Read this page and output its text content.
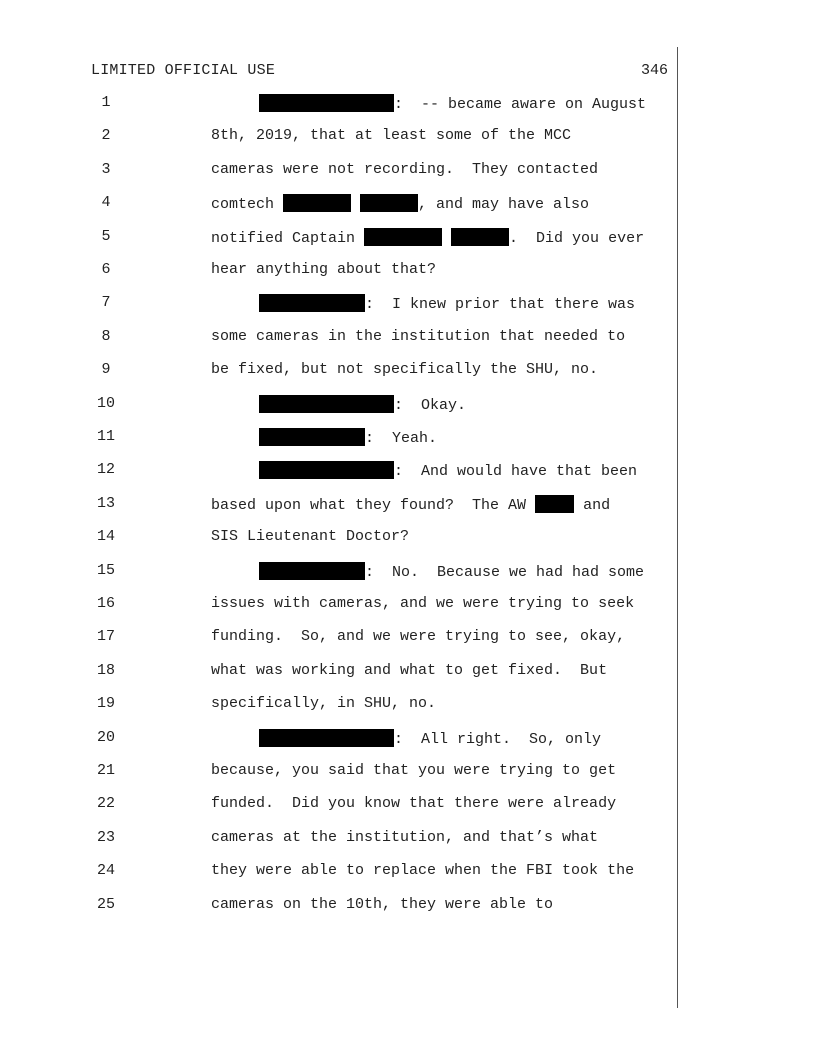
LIMITED OFFICIAL USE	346
1	:  -- became aware on August
2	8th, 2019, that at least some of the MCC
3	cameras were not recording.  They contacted
4	comtech	, and may have also
5	notified Captain	.  Did you ever
6	hear anything about that?
7	:  I knew prior that there was
8	some cameras in the institution that needed to
9	be fixed, but not specifically the SHU, no.
10	:  Okay.
11	:  Yeah.
12	:  And would have that been
13	based upon what they found?  The AW	and
14	SIS Lieutenant Doctor?
15	:  No.  Because we had had some
16	issues with cameras, and we were trying to seek
17	funding.  So, and we were trying to see, okay,
18	what was working and what to get fixed.  But
19	specifically, in SHU, no.
20	:  All right.  So, only
21	because, you said that you were trying to get
22	funded.  Did you know that there were already
23	cameras at the institution, and that’s what
24	they were able to replace when the FBI took the
25	cameras on the 10th, they were able to
